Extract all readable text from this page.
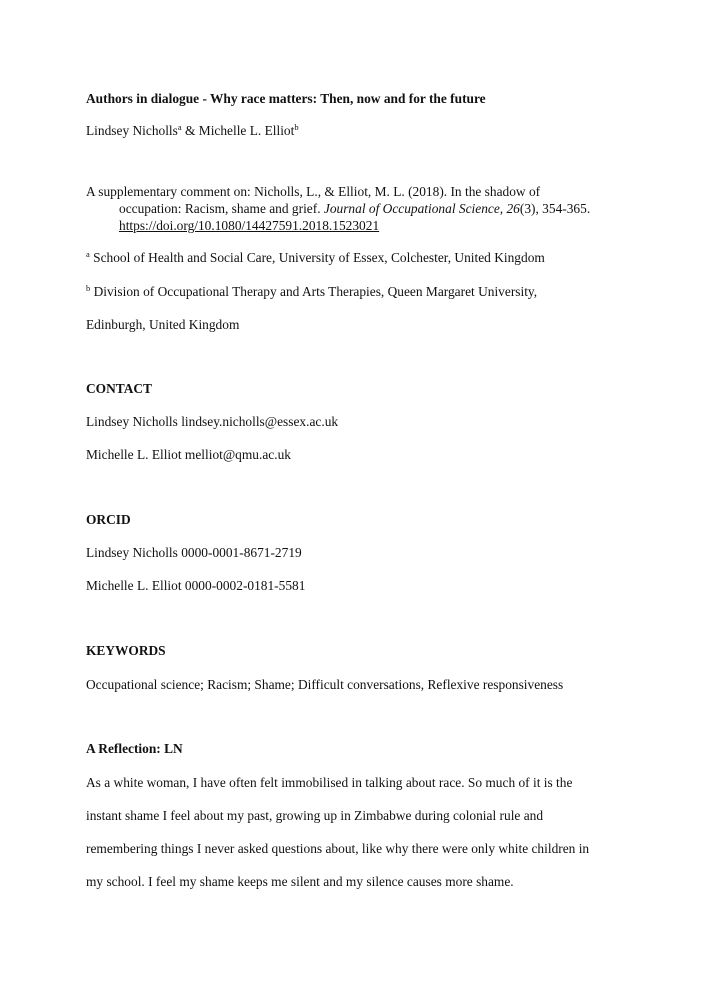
Authors in dialogue - Why race matters: Then, now and for the future
Lindsey Nicholls$^a$ & Michelle L. Elliot$^b$
A supplementary comment on: Nicholls, L., & Elliot, M. L. (2018). In the shadow of
occupation: Racism, shame and grief. Journal of Occupational Science, 26(3), 354-365.
https://doi.org/10.1080/14427591.2018.1523021
$^a$ School of Health and Social Care, University of Essex, Colchester, United Kingdom
$^b$ Division of Occupational Therapy and Arts Therapies, Queen Margaret University,
Edinburgh, United Kingdom
CONTACT
Lindsey Nicholls lindsey.nicholls@essex.ac.uk
Michelle L. Elliot melliot@qmu.ac.uk
ORCID
Lindsey Nicholls 0000-0001-8671-2719
Michelle L. Elliot 0000-0002-0181-5581
KEYWORDS
Occupational science; Racism; Shame; Difficult conversations, Reflexive responsiveness
A Reflection: LN
As a white woman, I have often felt immobilised in talking about race. So much of it is the
instant shame I feel about my past, growing up in Zimbabwe during colonial rule and
remembering things I never asked questions about, like why there were only white children in
my school. I feel my shame keeps me silent and my silence causes more shame.
